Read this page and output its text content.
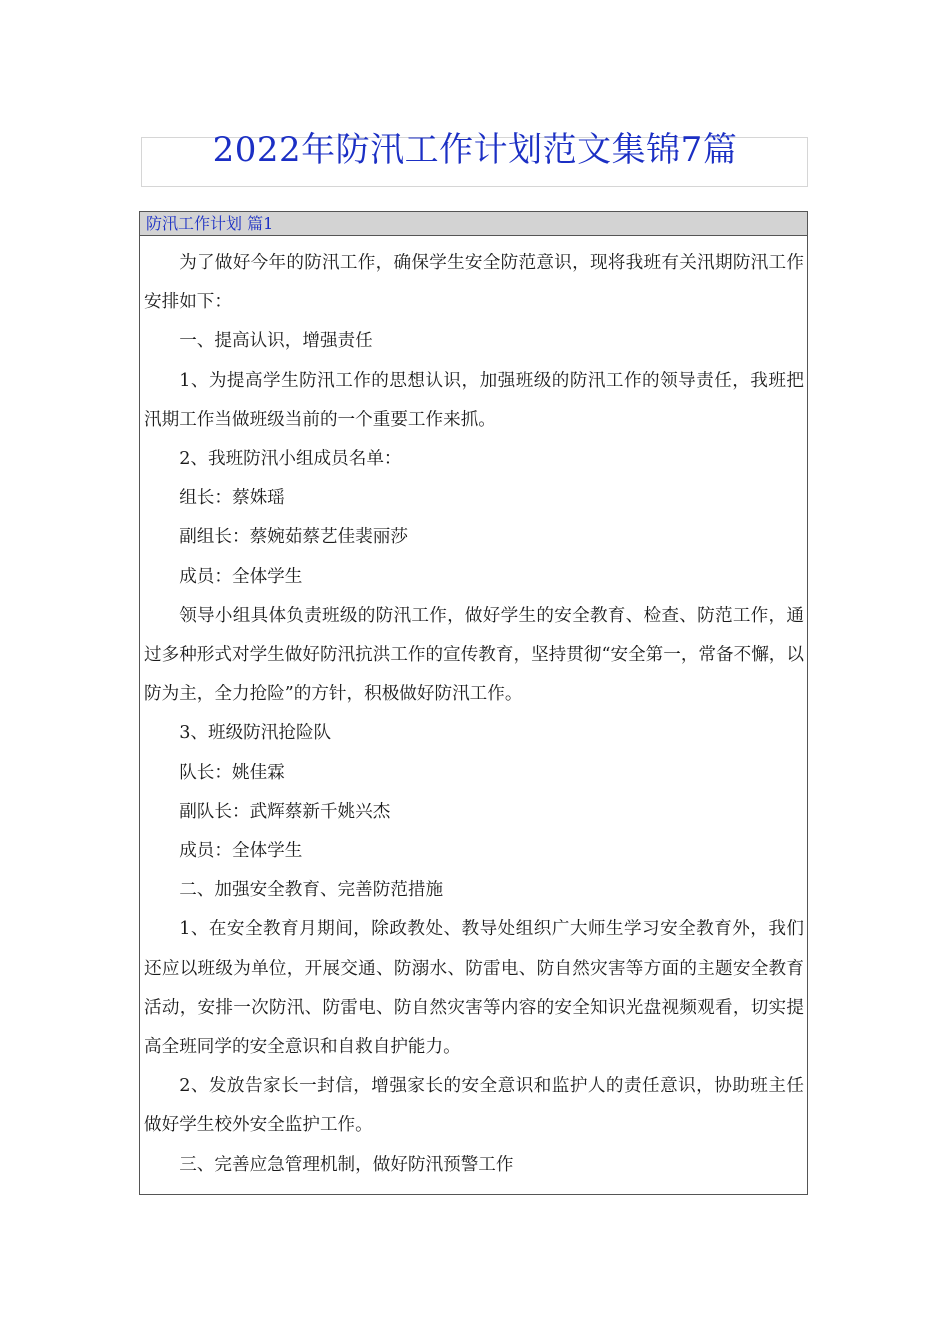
2022年防汛工作计划范文集锦7篇
防汛工作计划 篇1

为了做好今年的防汛工作，确保学生安全防范意识，现将我班有关汛期防汛工作安排如下：

一、提高认识，增强责任

1、为提高学生防汛工作的思想认识，加强班级的防汛工作的领导责任，我班把汛期工作当做班级当前的一个重要工作来抓。

2、我班防汛小组成员名单：

组长：蔡姝瑶

副组长：蔡婉茹蔡艺佳裴丽莎

成员：全体学生

领导小组具体负责班级的防汛工作，做好学生的安全教育、检查、防范工作，通过多种形式对学生做好防汛抗洪工作的宣传教育，坚持贯彻“安全第一，常备不懈，以防为主，全力抢险”的方针，积极做好防汛工作。

3、班级防汛抢险队

队长：姚佳霖

副队长：武辉蔡新千姚兴杰

成员：全体学生

二、加强安全教育、完善防范措施

1、在安全教育月期间，除政教处、教导处组织广大师生学习安全教育外，我们还应以班级为单位，开展交通、防溺水、防雷电、防自然灾害等方面的主题安全教育活动，安排一次防汛、防雷电、防自然灾害等内容的安全知识光盘视频观看，切实提高全班同学的安全意识和自救自护能力。

2、发放告家长一封信，增强家长的安全意识和监护人的责任意识，协助班主任做好学生校外安全监护工作。

三、完善应急管理机制，做好防汛预警工作
